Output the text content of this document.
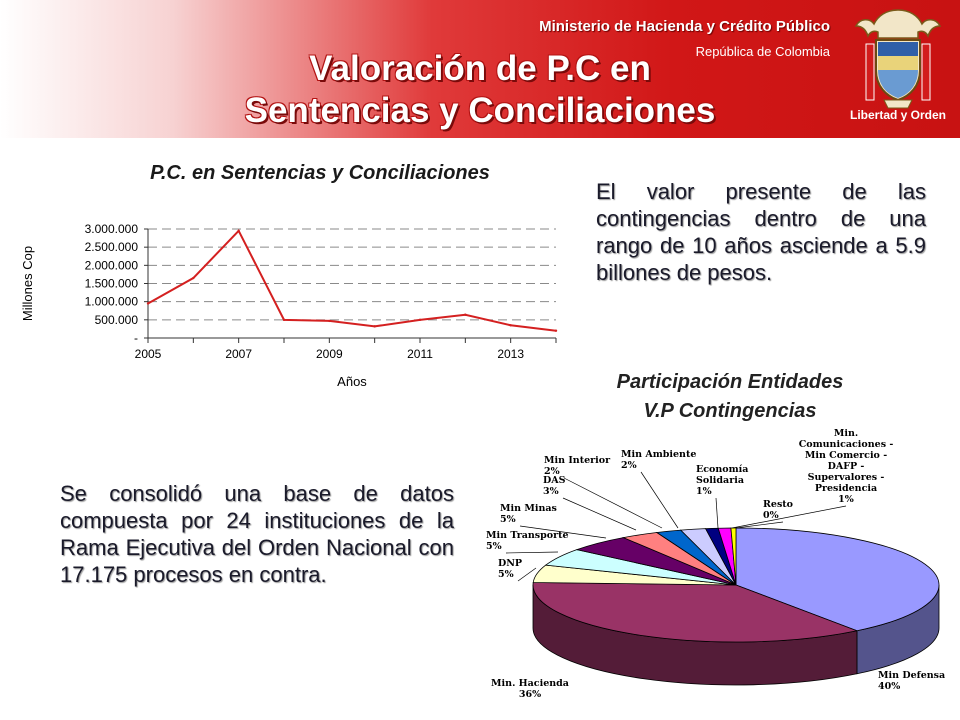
Ministerio de Hacienda y Crédito Público
República de Colombia
Valoración de P.C en
Sentencias y Conciliaciones	Libertad y Orden
P.C. en Sentencias y Conciliaciones
-
500.000
1.000.000
1.500.000
2.000.000
2.500.000
3.000.000
2005	2007	2009	2011	2013
Años
Millones Cop
El valor presente de las contingencias dentro de una rango de 10 años asciende a 5.9 billones de pesos.
Participación Entidades
V.P Contingencias
Min Defensa 40%
Min. Hacienda 36%
DNP 5%
Min Transporte 5%
Min Minas 5%
DAS 3%
Min Interior 2%
Min Ambiente 2%	Economía Solidaria 1%
Min. Comunicaciones -Min Comercio -DAFP -Supervalores -Presidencia 1%
Resto 0%
Se consolidó una base de datos compuesta por 24 instituciones de la Rama Ejecutiva del Orden Nacional con 17.175 procesos en contra.
